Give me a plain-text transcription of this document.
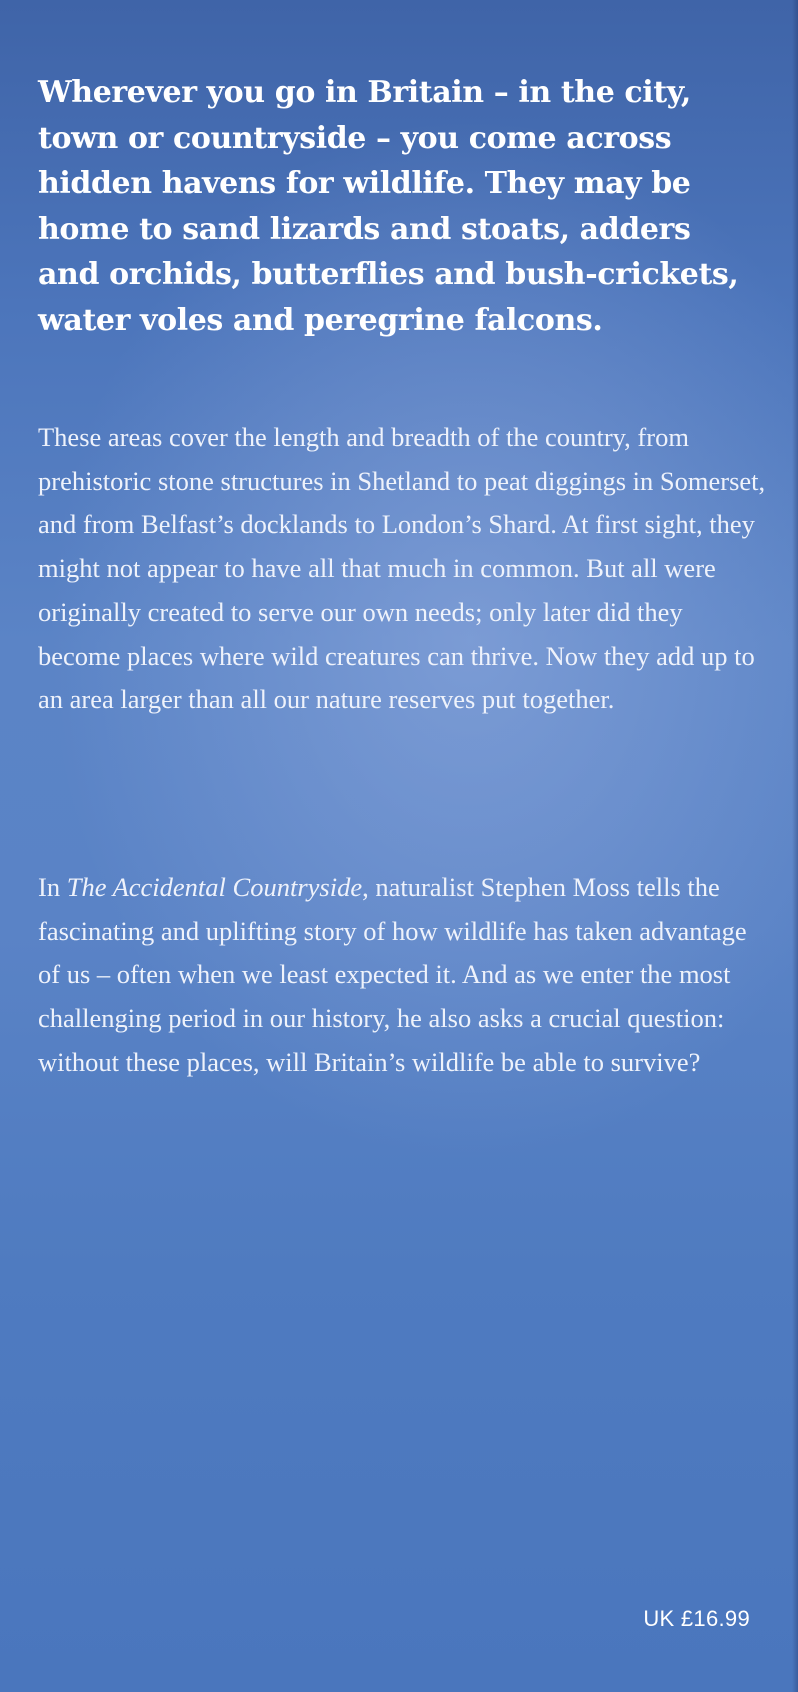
Wherever you go in Britain – in the city, town or countryside – you come across hidden havens for wildlife. They may be home to sand lizards and stoats, adders and orchids, butterflies and bush-crickets, water voles and peregrine falcons.

These areas cover the length and breadth of the country, from prehistoric stone structures in Shetland to peat diggings in Somerset, and from Belfast’s docklands to London’s Shard. At first sight, they might not appear to have all that much in common. But all were originally created to serve our own needs; only later did they become places where wild creatures can thrive. Now they add up to an area larger than all our nature reserves put together.

In The Accidental Countryside, naturalist Stephen Moss tells the fascinating and uplifting story of how wildlife has taken advantage of us – often when we least expected it. And as we enter the most challenging period in our history, he also asks a crucial question: without these places, will Britain’s wildlife be able to survive?

UK £16.99
